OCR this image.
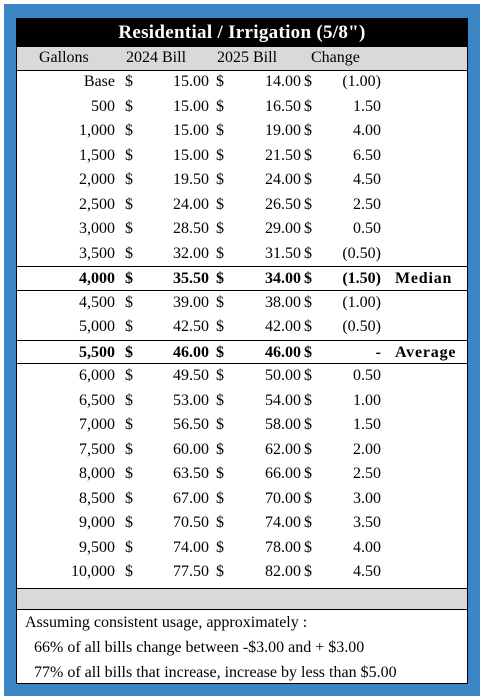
Residential / Irrigation (5/8")
Gallons 2024 Bill 2025 Bill Change
Base $	15.00 $	14.00 $ (1.00)
500 $	15.00 $	16.50 $	1.50
1,000 $	15.00 $	19.00 $	4.00
1,500 $	15.00 $	21.50 $	6.50
2,000 $	19.50 $	24.00 $	4.50
2,500 $	24.00 $	26.50 $	2.50
3,000 $	28.50 $	29.00 $	0.50
3,500 $	32.00 $	31.50 $ (0.50)
4,000 $	35.50 $	34.00 $ (1.50) Median
4,500 $	39.00 $	38.00 $ (1.00)
5,000 $	42.50 $	42.00 $ (0.50)
5,500 $	46.00 $	46.00 $	- Average
6,000 $	49.50 $	50.00 $	0.50
6,500 $	53.00 $	54.00 $	1.00
7,000 $	56.50 $	58.00 $	1.50
7,500 $	60.00 $	62.00 $	2.00
8,000 $	63.50 $	66.00 $	2.50
8,500 $	67.00 $	70.00 $	3.00
9,000 $	70.50 $	74.00 $	3.50
9,500 $	74.00 $	78.00 $	4.00
10,000 $	77.50 $	82.00 $	4.50
Assuming consistent usage, approximately :
66% of all bills change between -$3.00 and + $3.00
77% of all bills that increase, increase by less than $5.00
